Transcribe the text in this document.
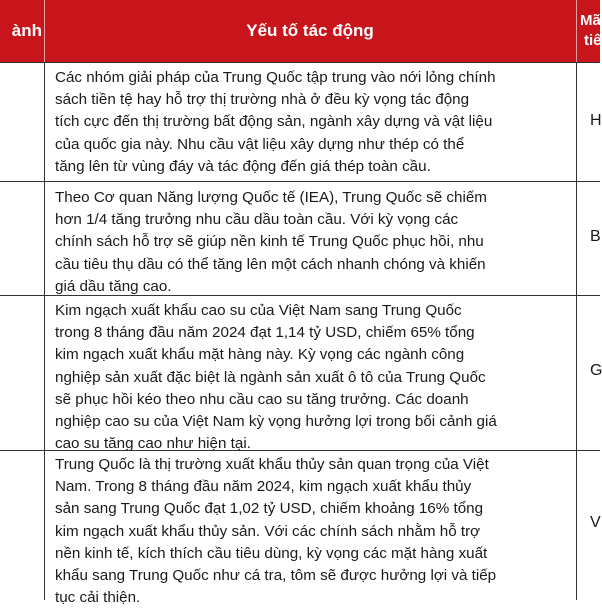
ành	Yếu tố tác động
Mã
tiê
Các nhóm giải pháp của Trung Quốc tập trung vào nới lỏng chính
sách tiền tệ hay hỗ trợ thị trường nhà ở đều kỳ vọng tác động
tích cực đến thị trường bất động sản, ngành xây dựng và vật liệu
của quốc gia này. Nhu cầu vật liệu xây dựng như thép có thể
tăng lên từ vùng đáy và tác động đến giá thép toàn cầu.
H
Theo Cơ quan Năng lượng Quốc tế (IEA), Trung Quốc sẽ chiếm
hơn 1/4 tăng trưởng nhu cầu dầu toàn cầu. Với kỳ vọng các
chính sách hỗ trợ sẽ giúp nền kinh tế Trung Quốc phục hồi, nhu
cầu tiêu thụ dầu có thể tăng lên một cách nhanh chóng và khiến
giá dầu tăng cao.
B
Kim ngạch xuất khẩu cao su của Việt Nam sang Trung Quốc
trong 8 tháng đầu năm 2024 đạt 1,14 tỷ USD, chiếm 65% tổng
kim ngạch xuất khẩu mặt hàng này. Kỳ vọng các ngành công
nghiệp sản xuất đặc biệt là ngành sản xuất ô tô của Trung Quốc
sẽ phục hồi kéo theo nhu cầu cao su tăng trưởng. Các doanh
nghiệp cao su của Việt Nam kỳ vọng hưởng lợi trong bối cảnh giá
cao su tăng cao như hiện tại.
G
Trung Quốc là thị trường xuất khẩu thủy sản quan trọng của Việt
Nam. Trong 8 tháng đầu năm 2024, kim ngạch xuất khẩu thủy
sản sang Trung Quốc đạt 1,02 tỷ USD, chiếm khoảng 16% tổng
kim ngạch xuất khẩu thủy sản. Với các chính sách nhằm hỗ trợ
nền kinh tế, kích thích cầu tiêu dùng, kỳ vọng các mặt hàng xuất
khẩu sang Trung Quốc như cá tra, tôm sẽ được hưởng lợi và tiếp
tục cải thiện.
V
